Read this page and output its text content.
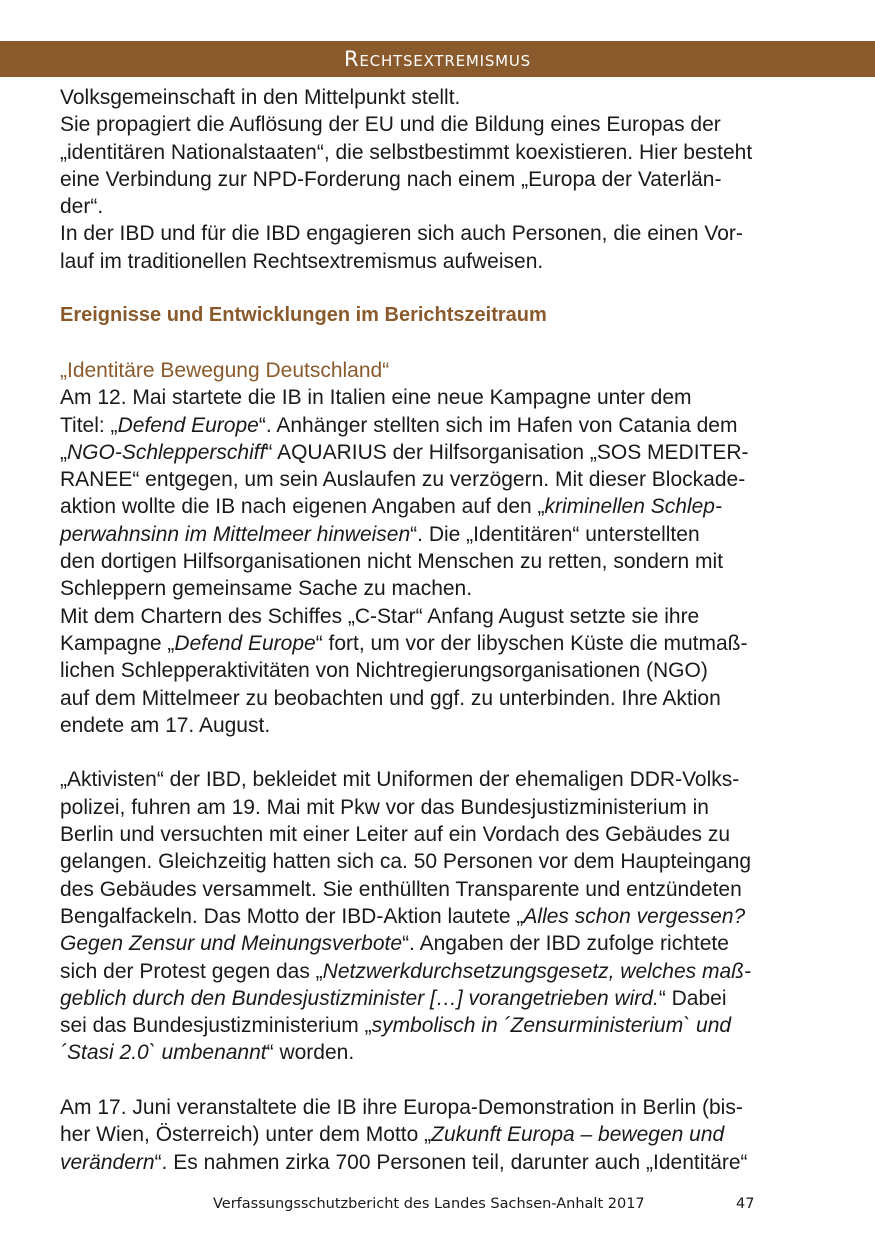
Rechtsextremismus
Volksgemeinschaft in den Mittelpunkt stellt.
Sie propagiert die Auflösung der EU und die Bildung eines Europas der
„identitären Nationalstaaten“, die selbstbestimmt koexistieren. Hier besteht
eine Verbindung zur NPD-Forderung nach einem „Europa der Vaterlän-
der“.
In der IBD und für die IBD engagieren sich auch Personen, die einen Vor-
lauf im traditionellen Rechtsextremismus aufweisen.
Ereignisse und Entwicklungen im Berichtszeitraum
„Identitäre Bewegung Deutschland“
Am 12. Mai startete die IB in Italien eine neue Kampagne unter dem
Titel: „Defend Europe“. Anhänger stellten sich im Hafen von Catania dem
„NGO-Schlepperschiff“ AQUARIUS der Hilfsorganisation „SOS MEDITER-
RANEE“ entgegen, um sein Auslaufen zu verzögern. Mit dieser Blockade-
aktion wollte die IB nach eigenen Angaben auf den „kriminellen Schlep-
perwahnsinn im Mittelmeer hinweisen“. Die „Identitären“ unterstellten
den dortigen Hilfsorganisationen nicht Menschen zu retten, sondern mit
Schleppern gemeinsame Sache zu machen.
Mit dem Chartern des Schiffes „C-Star“ Anfang August setzte sie ihre
Kampagne „Defend Europe“ fort, um vor der libyschen Küste die mutmaß-
lichen Schlepperaktivitäten von Nichtregierungsorganisationen (NGO)
auf dem Mittelmeer zu beobachten und ggf. zu unterbinden. Ihre Aktion
endete am 17. August.
„Aktivisten“ der IBD, bekleidet mit Uniformen der ehemaligen DDR-Volks-
polizei, fuhren am 19. Mai mit Pkw vor das Bundesjustizministerium in
Berlin und versuchten mit einer Leiter auf ein Vordach des Gebäudes zu
gelangen. Gleichzeitig hatten sich ca. 50 Personen vor dem Haupteingang
des Gebäudes versammelt. Sie enthüllten Transparente und entzündeten
Bengalfackeln. Das Motto der IBD-Aktion lautete „Alles schon vergessen?
Gegen Zensur und Meinungsverbote“. Angaben der IBD zufolge richtete
sich der Protest gegen das „Netzwerkdurchsetzungsgesetz, welches maß-
geblich durch den Bundesjustizminister […] vorangetrieben wird.“ Dabei
sei das Bundesjustizministerium „symbolisch in ´Zensurministerium` und
´Stasi 2.0` umbenannt“ worden.
Am 17. Juni veranstaltete die IB ihre Europa-Demonstration in Berlin (bis-
her Wien, Österreich) unter dem Motto „Zukunft Europa – bewegen und
verändern“. Es nahmen zirka 700 Personen teil, darunter auch „Identitäre“
Verfassungsschutzbericht des Landes Sachsen-Anhalt 2017	47
